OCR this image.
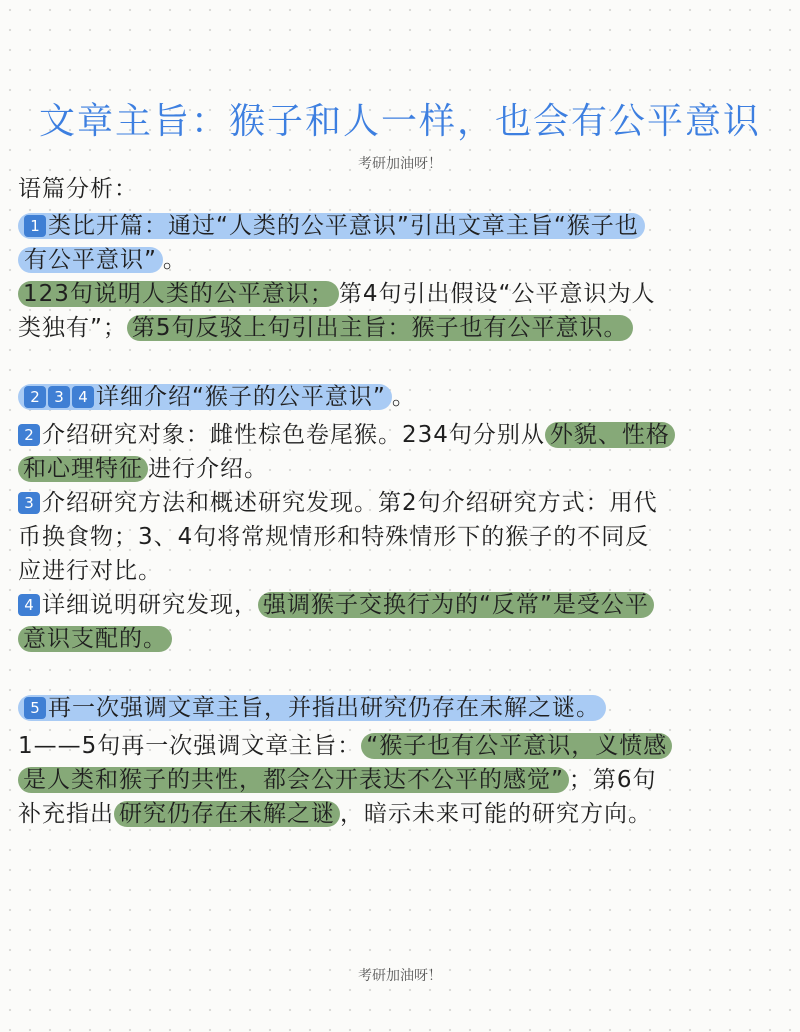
文章主旨：猴子和人一样，也会有公平意识
考研加油呀！
语篇分析：
1 类比开篇：通过“人类的公平意识”引出文章主旨“猴子也
有公平意识” 。
123句说明人类的公平意识； 第4句引出假设“公平意识为人
类独有”； 第5句反驳上句引出主旨：猴子也有公平意识。
2 3 4 详细介绍“猴子的公平意识” 。
2 介绍研究对象：雌性棕色卷尾猴。234句分别从 外貌、性格
和心理特征 进行介绍。
3 介绍研究方法和概述研究发现。第2句介绍研究方式：用代
币换食物；3、4句将常规情形和特殊情形下的猴子的不同反
应进行对比。
4 详细说明研究发现， 强调猴子交换行为的“反常”是受公平
意识支配的。
5 再一次强调文章主旨，并指出研究仍存在未解之谜。
1——5句再一次强调文章主旨： “猴子也有公平意识，义愤感
是人类和猴子的共性，都会公开表达不公平的感觉” ；第6句
补充指出 研究仍存在未解之谜 ，暗示未来可能的研究方向。
考研加油呀！
